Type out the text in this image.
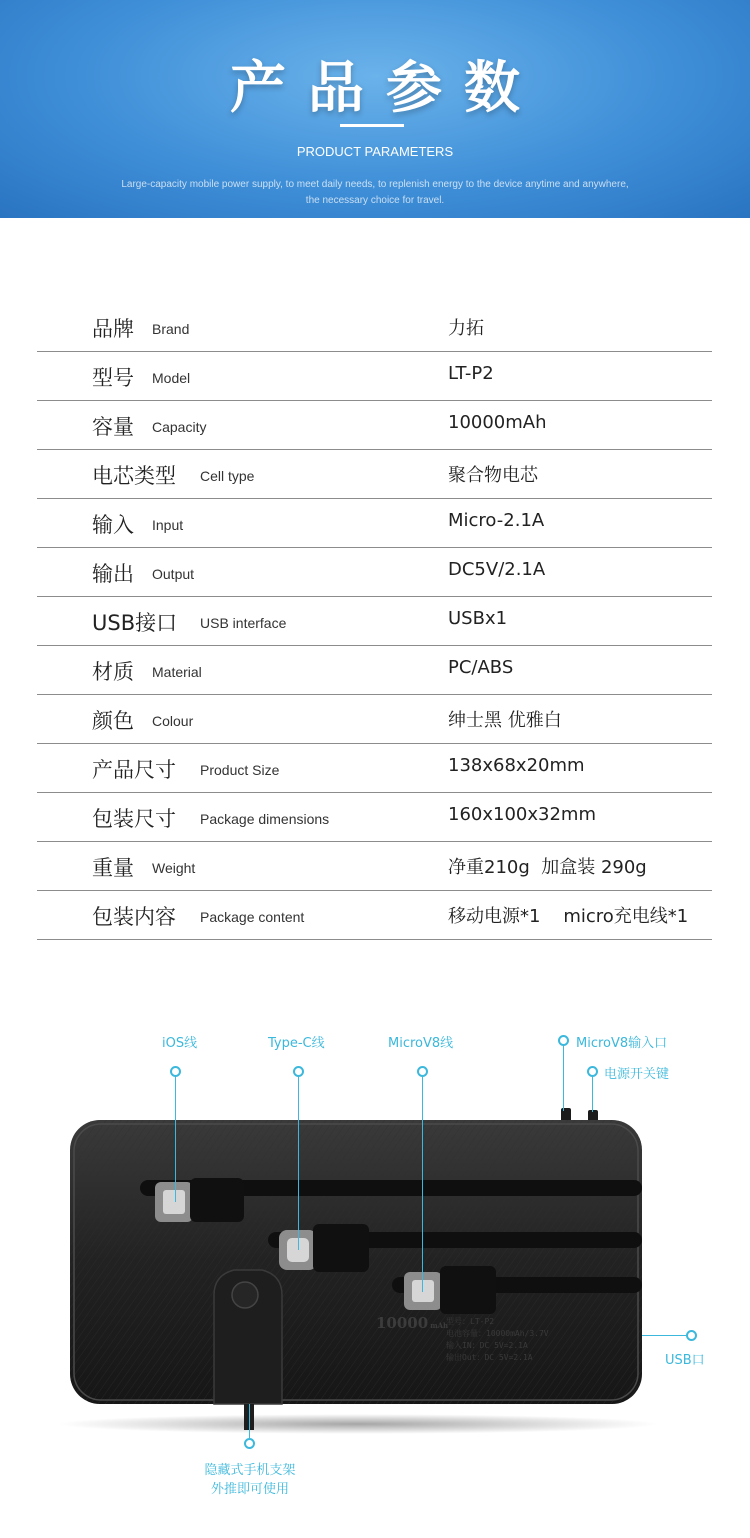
产品参数
PRODUCT PARAMETERS
Large-capacity mobile power supply, to meet daily needs, to replenish energy to the device anytime and anywhere,
the necessary choice for travel.
品牌 Brand	力拓
型号 Model	LT-P2
容量 Capacity	10000mAh
电芯类型 Cell type	聚合物电芯
输入 Input	Micro-2.1A
输出 Output	DC5V/2.1A
USB接口 USB interface	USBx1
材质 Material	PC/ABS
颜色 Colour	绅士黑 优雅白
产品尺寸 Product Size	138x68x20mm
包装尺寸 Package dimensions	160x100x32mm
重量 Weight	净重210g  加盒装 290g
包装内容 Package content	移动电源*1    micro充电线*1
10000 mAh
型号：LT-P2
电池容量：10000mAh/3.7V
输入IN：DC 5V=2.1A
输出Out：DC 5V=2.1A
iOS线	Type-C线	MicroV8线	MicroV8输入口
电源开关键
USB口
隐藏式手机支架
外推即可使用
